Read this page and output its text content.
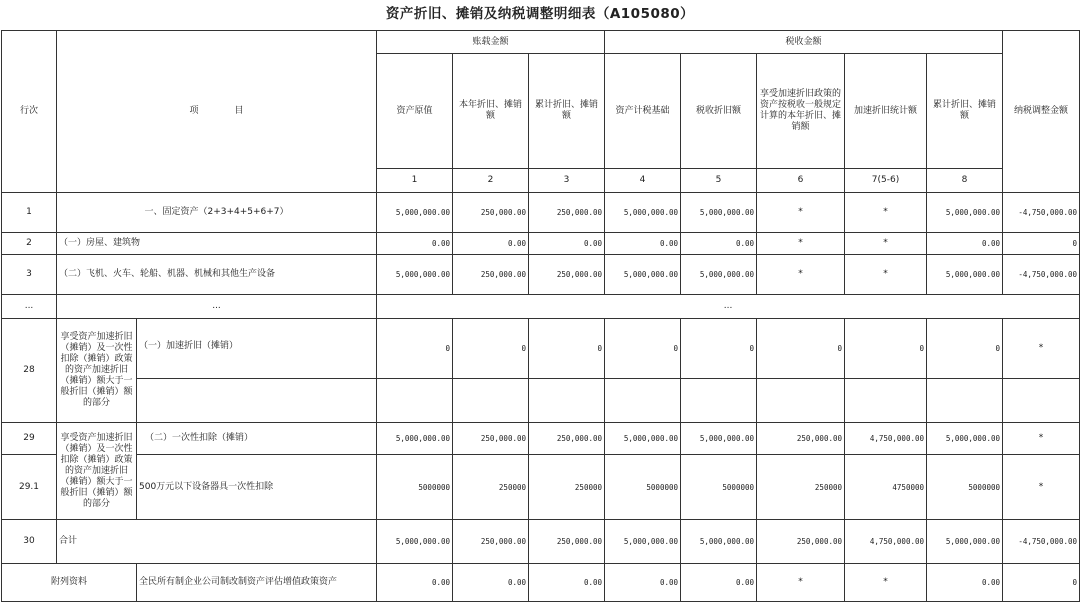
资产折旧、摊销及纳税调整明细表（A105080）
行次	项　　　　目		账载金额			税收金额					纳税调整金额	
			资产原值	本年折旧、摊销额	累计折旧、摊销额	资产计税基础	税收折旧额	享受加速折旧政策的资产按税收一般规定计算的本年折旧、摊销额	加速折旧统计额	累计折旧、摊销额		
			1	2	3	4	5	6	7(5-6)	8	
1	一、固定资产（2+3+4+5+6+7）		5,000,000.00	250,000.00	250,000.00	5,000,000.00	5,000,000.00	*	*	5,000,000.00	-4,750,000.00	
2	（一）房屋、建筑物		0.00	0.00	0.00	0.00	0.00	*	*	0.00	0	
3	（二）飞机、火车、轮船、机器、机械和其他生产设备		5,000,000.00	250,000.00	250,000.00	5,000,000.00	5,000,000.00	*	*	5,000,000.00	-4,750,000.00	
...	...		...									
28	享受资产加速折旧（摊销）及一次性扣除（摊销）政策的资产加速折旧（摊销）额大于一般折旧（摊销）额的部分	（一）加速折旧（摊销）	0	0	0	0	0	0	0	0	*	

29	享受资产加速折旧（摊销）及一次性扣除（摊销）政策的资产加速折旧（摊销）额大于一般折旧（摊销）额的部分	（二）一次性扣除（摊销）	5,000,000.00	250,000.00	250,000.00	5,000,000.00	5,000,000.00	250,000.00	4,750,000.00	5,000,000.00	*	
29.1		500万元以下设备器具一次性扣除	5000000	250000	250000	5000000	5000000	250000	4750000	5000000	*	
30	合计		5,000,000.00	250,000.00	250,000.00	5,000,000.00	5,000,000.00	250,000.00	4,750,000.00	5,000,000.00	-4,750,000.00	
附列资料		全民所有制企业公司制改制资产评估增值政策资产	0.00	0.00	0.00	0.00	0.00	*	*	0.00	0	
